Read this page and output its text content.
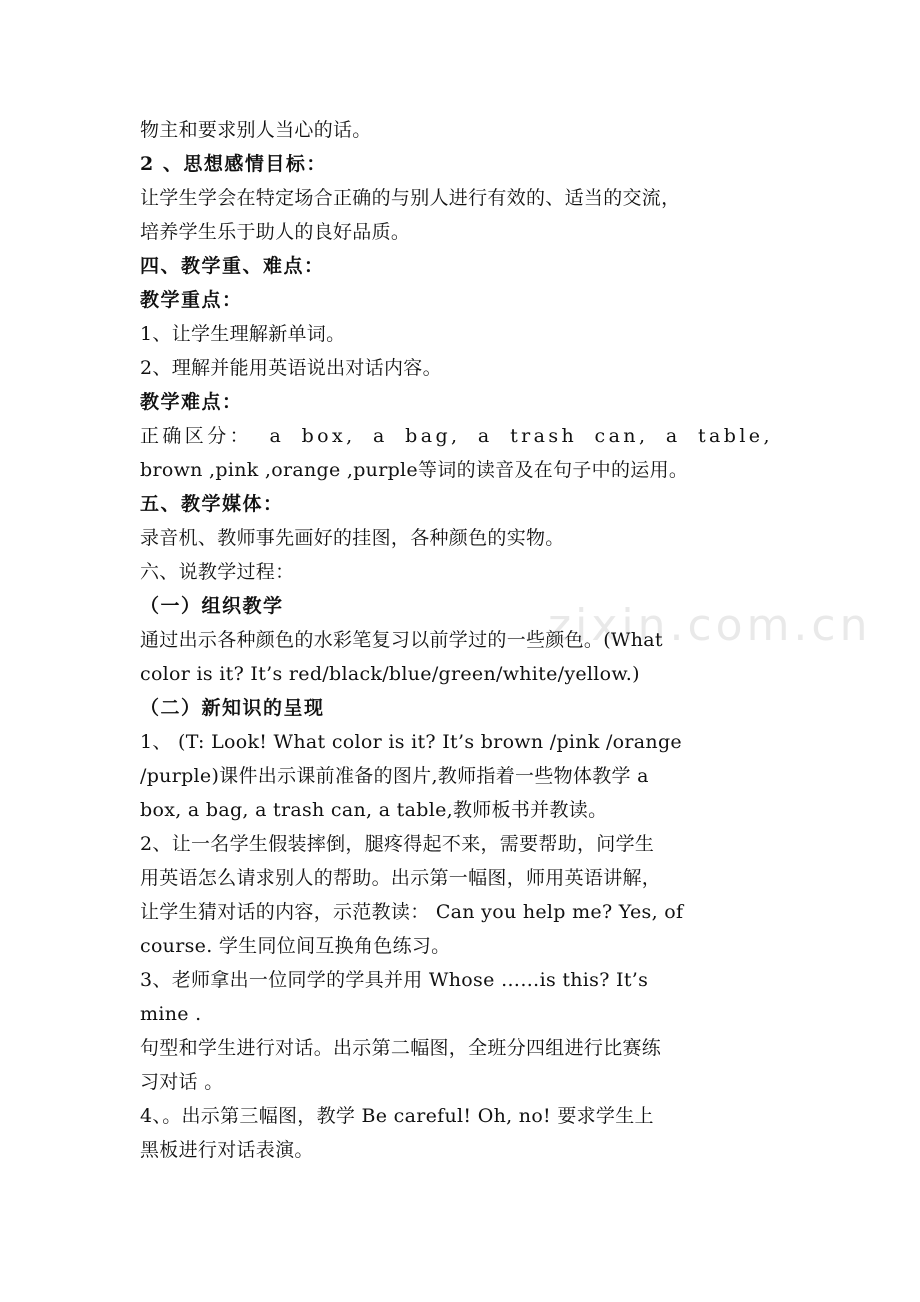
zixin.com.cn
物主和要求别人当心的话。
2 、思想感情目标：
让学生学会在特定场合正确的与别人进行有效的、适当的交流，
培养学生乐于助人的良好品质。
四、教学重、难点：
教学重点：
1、让学生理解新单词。
2、理解并能用英语说出对话内容。
教学难点：
正确区分： a box, a bag, a trash can, a table,
brown ,pink ,orange ,purple等词的读音及在句子中的运用。
五、教学媒体：
录音机、教师事先画好的挂图，各种颜色的实物。
六、说教学过程：
（一）组织教学
通过出示各种颜色的水彩笔复习以前学过的一些颜色。(What
color is it? It’s red/black/blue/green/white/yellow.)
（二）新知识的呈现
1、 (T: Look! What color is it? It’s brown /pink /orange
/purple)课件出示课前准备的图片,教师指着一些物体教学 a
box, a bag, a trash can, a table,教师板书并教读。
2、让一名学生假装摔倒，腿疼得起不来，需要帮助，问学生
用英语怎么请求别人的帮助。出示第一幅图，师用英语讲解，
让学生猜对话的内容，示范教读： Can you help me? Yes, of
course. 学生同位间互换角色练习。
3、老师拿出一位同学的学具并用 Whose ……is this? It’s
mine .
句型和学生进行对话。出示第二幅图，全班分四组进行比赛练
习对话 。
4、。出示第三幅图，教学 Be careful! Oh, no! 要求学生上
黑板进行对话表演。
